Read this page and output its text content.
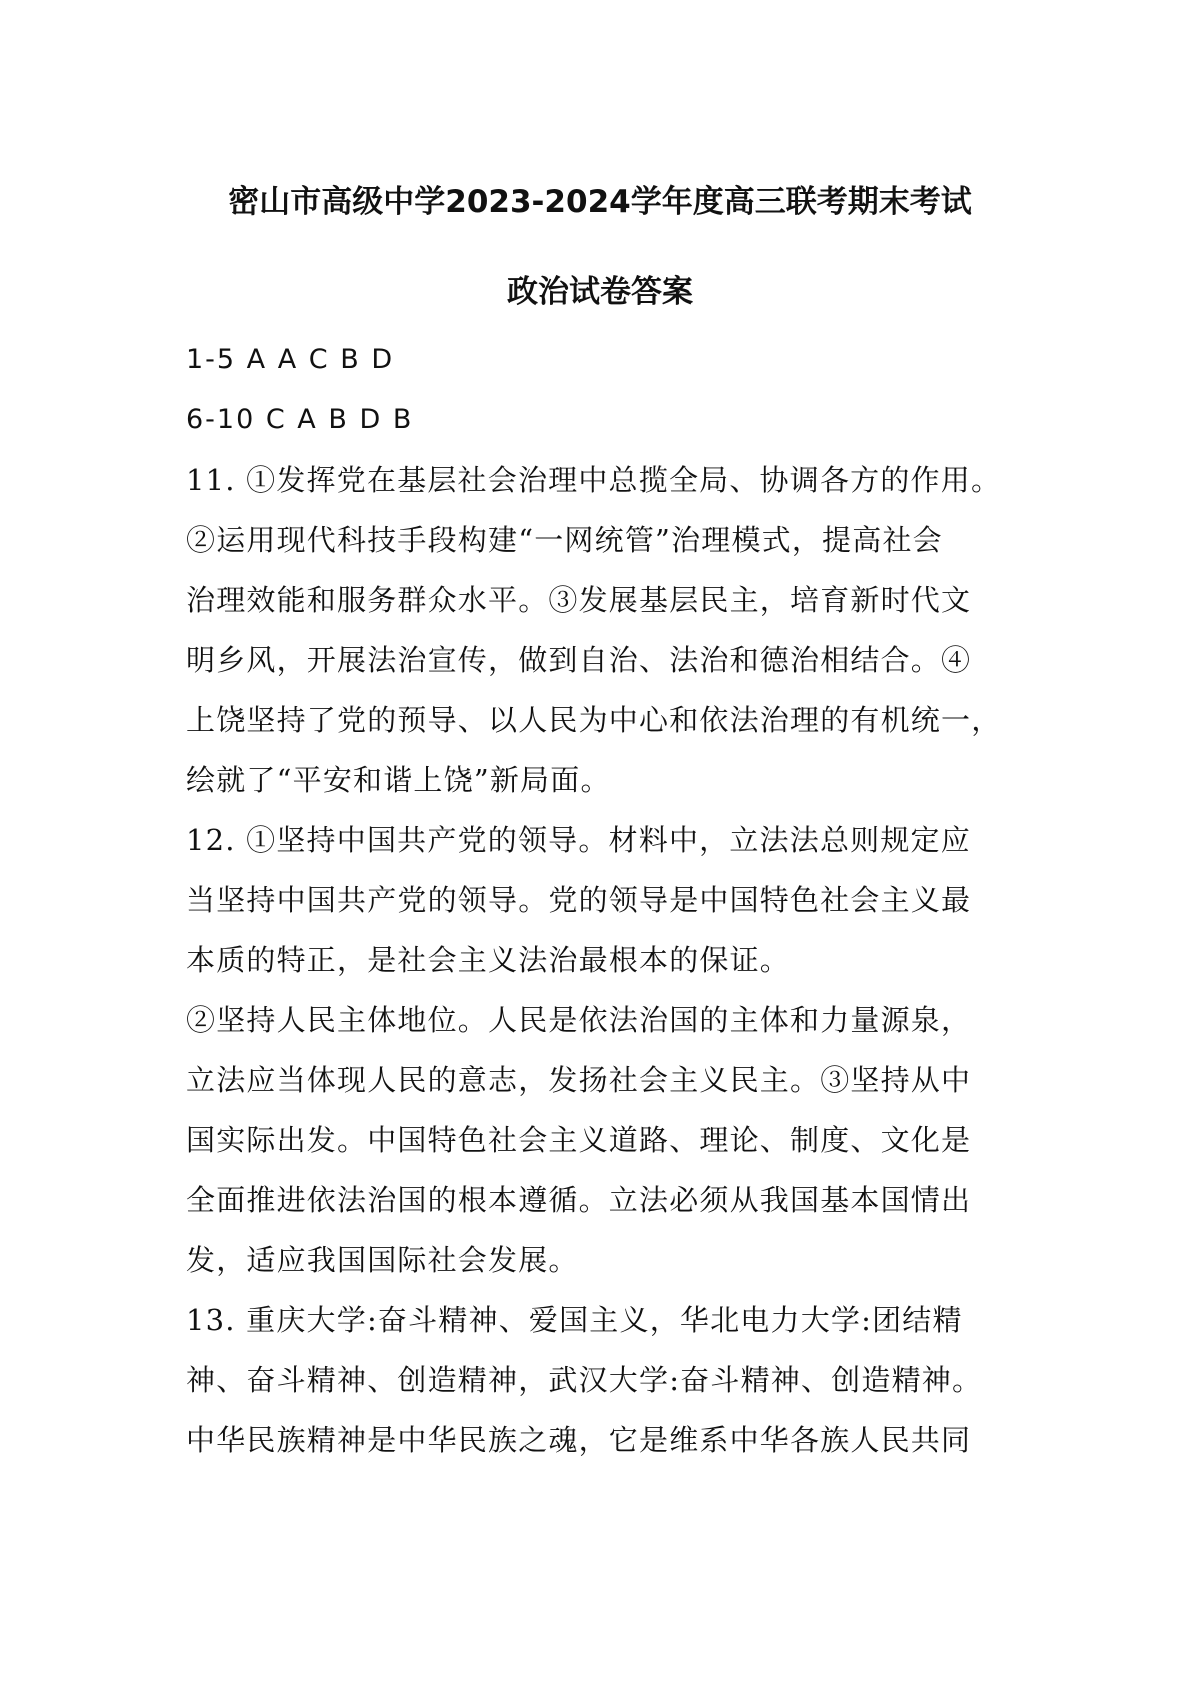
密山市高级中学2023-2024学年度高三联考期末考试
政治试卷答案
1-5 A A C B D
6-10 C A B D B
11. ①发挥党在基层社会治理中总揽全局、协调各方的作用。
②运用现代科技手段构建“一网统管”治理模式，提高社会
治理效能和服务群众水平。③发展基层民主，培育新时代文
明乡风，开展法治宣传，做到自治、法治和德治相结合。④
上饶坚持了党的预导、以人民为中心和依法治理的有机统一，
绘就了“平安和谐上饶”新局面。
12. ①坚持中国共产党的领导。材料中，立法法总则规定应
当坚持中国共产党的领导。党的领导是中国特色社会主义最
本质的特正，是社会主义法治最根本的保证。
②坚持人民主体地位。人民是依法治国的主体和力量源泉，
立法应当体现人民的意志，发扬社会主义民主。③坚持从中
国实际出发。中国特色社会主义道路、理论、制度、文化是
全面推进依法治国的根本遵循。立法必须从我国基本国情出
发，适应我国国际社会发展。
13. 重庆大学:奋斗精神、爱国主义，华北电力大学:团结精
神、奋斗精神、创造精神，武汉大学:奋斗精神、创造精神。
中华民族精神是中华民族之魂，它是维系中华各族人民共同
